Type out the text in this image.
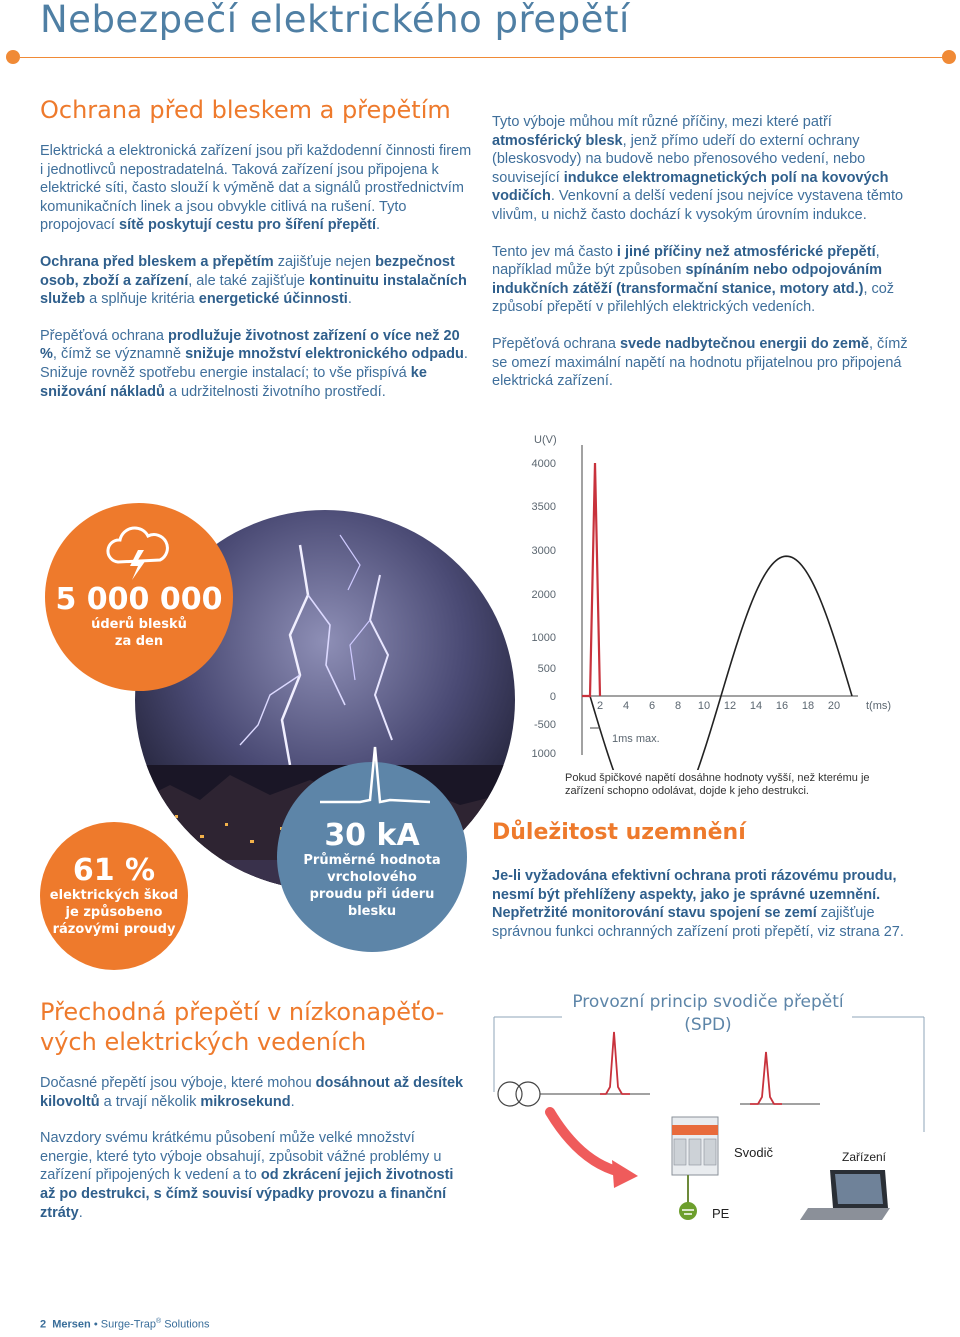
Nebezpečí elektrického přepětí
Ochrana před bleskem a přepětím

Elektrická a elektronická zařízení jsou při každodenní činnosti firem i jednotlivců nepostradatelná. Taková zařízení jsou připojena k elektrické síti, často slouží k výměně dat a signálů prostřednictvím komunikačních linek a jsou obvykle citlivá na rušení. Tyto propojovací sítě poskytují cestu pro šíření přepětí.

Ochrana před bleskem a přepětím zajišťuje nejen bezpečnost osob, zboží a zařízení, ale také zajišťuje kontinuitu instalačních služeb a splňuje kritéria energetické účinnosti.

Přepěťová ochrana prodlužuje životnost zařízení o více než 20 %, čímž se významně snižuje množství elektronického odpadu. Snižuje rovněž spotřebu energie instalací; to vše přispívá ke snižování nákladů a udržitelnosti životního prostředí.

Tyto výboje můhou mít různé příčiny, mezi které patří atmosférický blesk, jenž přímo udeří do externí ochrany (bleskosvody) na budově nebo přenosového vedení, nebo související indukce elektromagnetických polí na kovových vodičích. Venkovní a delší vedení jsou nejvíce vystavena těmto vlivům, u nichž často dochází k vysokým úrovním indukce.

Tento jev má často i jiné příčiny než atmosférické přepětí, například může být způsoben spínáním nebo odpojováním indukčních zátěží (transformační stanice, motory atd.), což způsobí přepětí v přilehlých elektrických vedeních.

Přepěťová ochrana svede nadbytečnou energii do země, čímž se omezí maximální napětí na hodnotu přijatelnou pro připojená elektrická zařízení.

U(V)
4000
3500
3000
2000
1000
500
0
-500
1000
2 4 6 8 10 12 14 16 18 20 t(ms)
1ms max.

Pokud špičkové napětí dosáhne hodnoty vyšší, než kterému je zařízení schopno odolávat, dojde k jeho destrukci.

5 000 000
úderů blesků
za den
30 kA
Průměrné hodnota
vrcholového
proudu při úderu
blesku
61 %
elektrických škod
je způsobeno
rázovými proudy
Důležitost uzemnění

Je-li vyžadována efektivní ochrana proti rázovému proudu, nesmí být přehlíženy aspekty, jako je správné uzemnění. Nepřetržité monitorování stavu spojení se zemí zajišťuje správnou funkci ochranných zařízení proti přepětí, viz strana 27.

Přechodná přepětí v nízkonapěťo-
vých elektrických vedeních

Dočasné přepětí jsou výboje, které mohou dosáhnout až desítek kilovoltů a trvají několik mikrosekund.

Navzdory svému krátkému působení může velké množství energie, které tyto výboje obsahují, způsobit vážné problémy u zařízení připojených k vedení a to od zkrácení jejich životnosti až po destrukci, s čímž souvisí výpadky provozu a finanční ztráty.

Provozní princip svodiče přepětí
(SPD)
Svodič	Zařízení
PE
2 Mersen • Surge-Trap® Solutions
